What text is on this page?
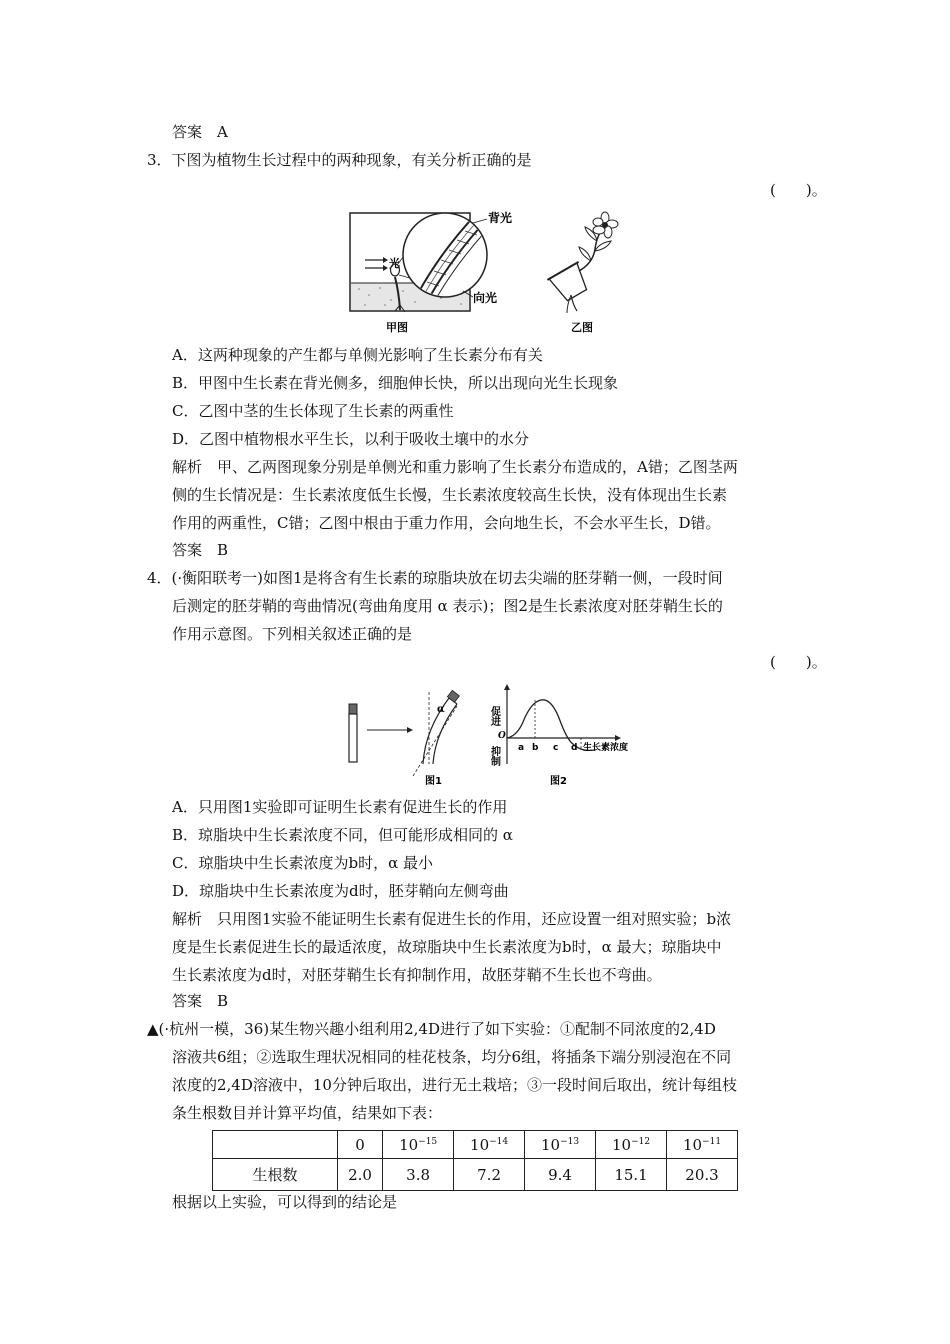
答案　A
3．下图为植物生长过程中的两种现象，有关分析正确的是
(　　)。
光
背光
向光
甲图	乙图
A．这两种现象的产生都与单侧光影响了生长素分布有关
B．甲图中生长素在背光侧多，细胞伸长快，所以出现向光生长现象
C．乙图中茎的生长体现了生长素的两重性
D．乙图中植物根水平生长，以利于吸收土壤中的水分
解析　甲、乙两图现象分别是单侧光和重力影响了生长素分布造成的，A错；乙图茎两
侧的生长情况是：生长素浓度低生长慢，生长素浓度较高生长快，没有体现出生长素
作用的两重性，C错；乙图中根由于重力作用，会向地生长，不会水平生长，D错。
答案　B
4．(·衡阳联考一)如图1是将含有生长素的琼脂块放在切去尖端的胚芽鞘一侧，一段时间
后测定的胚芽鞘的弯曲情况(弯曲角度用 α 表示)；图2是生长素浓度对胚芽鞘生长的
作用示意图。下列相关叙述正确的是
(　　)。
α
图1
促进
抑制
O
a b c d 生长素浓度
图2
A．只用图1实验即可证明生长素有促进生长的作用
B．琼脂块中生长素浓度不同，但可能形成相同的 α
C．琼脂块中生长素浓度为b时，α 最小
D．琼脂块中生长素浓度为d时，胚芽鞘向左侧弯曲
解析　只用图1实验不能证明生长素有促进生长的作用，还应设置一组对照实验；b浓
度是生长素促进生长的最适浓度，故琼脂块中生长素浓度为b时，α 最大；琼脂块中
生长素浓度为d时，对胚芽鞘生长有抑制作用，故胚芽鞘不生长也不弯曲。
答案　B
▲(·杭州一模，36)某生物兴趣小组利用2,4D进行了如下实验：①配制不同浓度的2,4D
溶液共6组；②选取生理状况相同的桂花枝条，均分6组，将插条下端分别浸泡在不同
浓度的2,4D溶液中，10分钟后取出，进行无土栽培；③一段时间后取出，统计每组枝
条生根数目并计算平均值，结果如下表：
	0	$10^{-15}$	$10^{-14}$	$10^{-13}$	$10^{-12}$	$10^{-11}$
生根数	2.0	3.8	7.2	9.4	15.1	20.3
根据以上实验，可以得到的结论是
